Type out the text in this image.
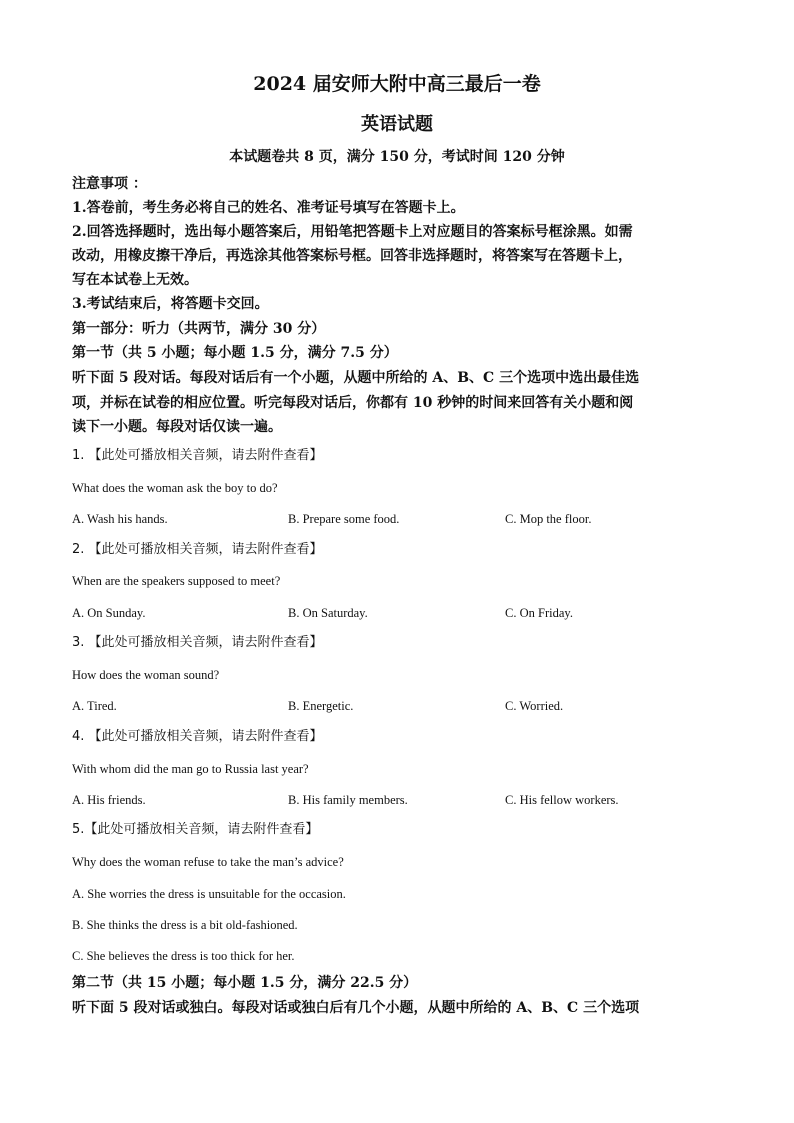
2024 届安师大附中高三最后一卷
英语试题
本试题卷共 8 页，满分 150 分，考试时间 120 分钟

注意事项 ：

1.答卷前，考生务必将自己的姓名、准考证号填写在答题卡上。

2.回答选择题时，选出每小题答案后，用铅笔把答题卡上对应题目的答案标号框涂黑。如需

改动，用橡皮擦干净后，再选涂其他答案标号框。回答非选择题时，将答案写在答题卡上，

写在本试卷上无效。

3.考试结束后，将答题卡交回。

第一部分：听力（共两节，满分 30 分）

第一节（共 5 小题；每小题 1.5 分，满分 7.5 分）

听下面 5 段对话。每段对话后有一个小题，从题中所给的 A、B、C 三个选项中选出最佳选

项，并标在试卷的相应位置。听完每段对话后，你都有 10 秒钟的时间来回答有关小题和阅

读下一小题。每段对话仅读一遍。

1. 【此处可播放相关音频，请去附件查看】
What does the woman ask the boy to do?
A. Wash his hands.	B. Prepare some food.	C. Mop the floor.
2. 【此处可播放相关音频，请去附件查看】
When are the speakers supposed to meet?
A. On Sunday.	B. On Saturday.	C. On Friday.
3. 【此处可播放相关音频，请去附件查看】
How does the woman sound?
A. Tired.	B. Energetic.	C. Worried.
4. 【此处可播放相关音频，请去附件查看】
With whom did the man go to Russia last year?
A. His friends.	B. His family members.	C. His fellow workers.
5.【此处可播放相关音频，请去附件查看】
Why does the woman refuse to take the man’s advice?
A. She worries the dress is unsuitable for the occasion.
B. She thinks the dress is a bit old-fashioned.
C. She believes the dress is too thick for her.

第二节（共 15 小题；每小题 1.5 分，满分 22.5 分）

听下面 5 段对话或独白。每段对话或独白后有几个小题，从题中所给的 A、B、C 三个选项
